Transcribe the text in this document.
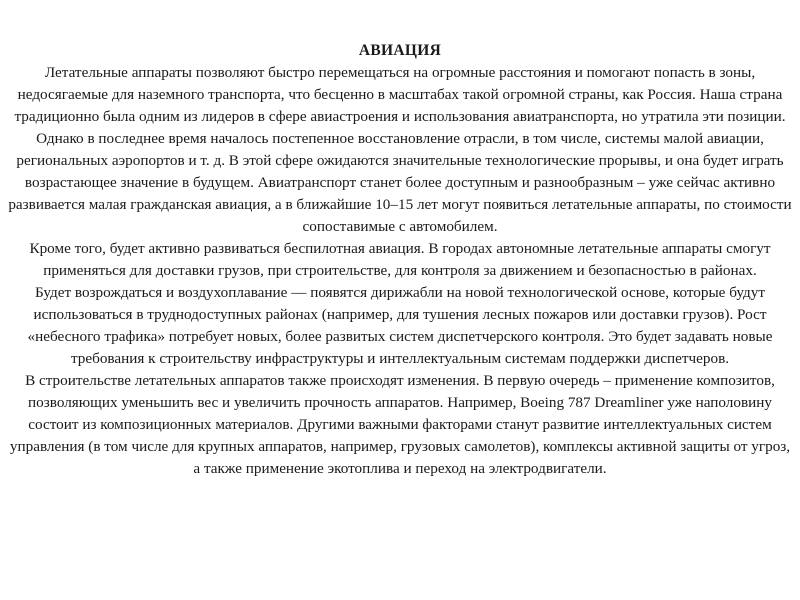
АВИАЦИЯ

Летательные аппараты позволяют быстро перемещаться на огромные расстояния и помогают попасть в зоны, недосягаемые для наземного транспорта, что бесценно в масштабах такой огромной страны, как Россия. Наша страна традиционно была одним из лидеров в сфере авиастроения и использования авиатранспорта, но утратила эти позиции. Однако в последнее время началось постепенное восстановление отрасли, в том числе, системы малой авиации, региональных аэропортов и т. д. В этой сфере ожидаются значительные технологические прорывы, и она будет играть возрастающее значение в будущем. Авиатранспорт станет более доступным и разнообразным – уже сейчас активно развивается малая гражданская авиация, а в ближайшие 10–15 лет могут появиться летательные аппараты, по стоимости сопоставимые с автомобилем.

Кроме того, будет активно развиваться беспилотная авиация. В городах автономные летательные аппараты смогут применяться для доставки грузов, при строительстве, для контроля за движением и безопасностью в районах.

Будет возрождаться и воздухоплавание — появятся дирижабли на новой технологической основе, которые будут использоваться в труднодоступных районах (например, для тушения лесных пожаров или доставки грузов). Рост «небесного трафика» потребует новых, более развитых систем диспетчерского контроля. Это будет задавать новые требования к строительству инфраструктуры и интеллектуальным системам поддержки диспетчеров.

В строительстве летательных аппаратов также происходят изменения. В первую очередь – применение композитов, позволяющих уменьшить вес и увеличить прочность аппаратов. Например, Boeing 787 Dreamliner уже наполовину состоит из композиционных материалов. Другими важными факторами станут развитие интеллектуальных систем управления (в том числе для крупных аппаратов, например, грузовых самолетов), комплексы активной защиты от угроз, а также применение экотоплива и переход на электродвигатели.
